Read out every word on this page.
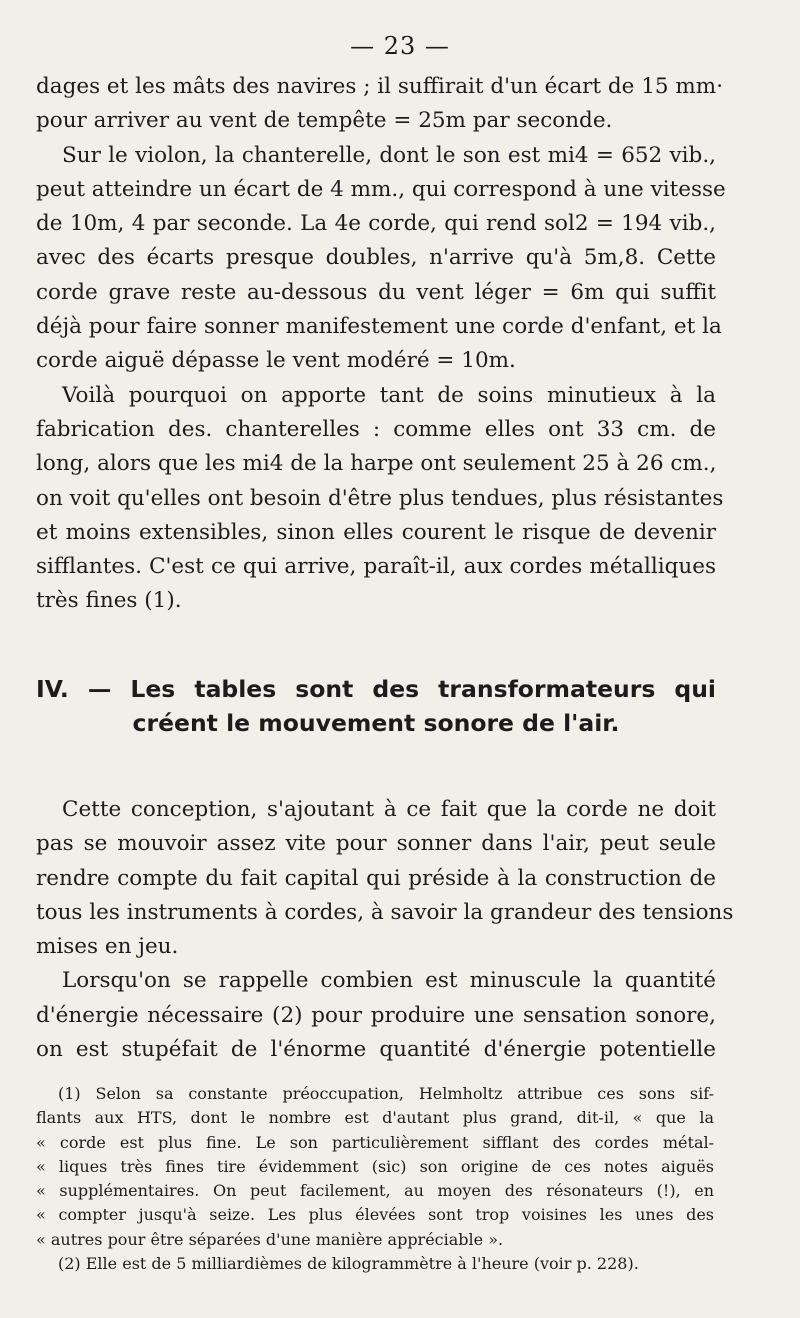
— 23 —
dages et les mâts des navires ; il suffirait d'un écart de 15 mm·
pour arriver au vent de tempête = 25m par seconde.
Sur le violon, la chanterelle, dont le son est mi4 = 652 vib.,
peut atteindre un écart de 4 mm., qui correspond à une vitesse
de 10m, 4 par seconde. La 4e corde, qui rend sol2 = 194 vib.,
avec des écarts presque doubles, n'arrive qu'à 5m,8. Cette
corde grave reste au-dessous du vent léger = 6m qui suffit
déjà pour faire sonner manifestement une corde d'enfant, et la
corde aiguë dépasse le vent modéré = 10m.
Voilà pourquoi on apporte tant de soins minutieux à la
fabrication des. chanterelles : comme elles ont 33 cm. de
long, alors que les mi4 de la harpe ont seulement 25 à 26 cm.,
on voit qu'elles ont besoin d'être plus tendues, plus résistantes
et moins extensibles, sinon elles courent le risque de devenir
sifflantes. C'est ce qui arrive, paraît-il, aux cordes métalliques
très fines (1).
IV. — Les tables sont des transformateurs qui
créent le mouvement sonore de l'air.
Cette conception, s'ajoutant à ce fait que la corde ne doit
pas se mouvoir assez vite pour sonner dans l'air, peut seule
rendre compte du fait capital qui préside à la construction de
tous les instruments à cordes, à savoir la grandeur des tensions
mises en jeu.
Lorsqu'on se rappelle combien est minuscule la quantité
d'énergie nécessaire (2) pour produire une sensation sonore,
on est stupéfait de l'énorme quantité d'énergie potentielle
(1) Selon sa constante préoccupation, Helmholtz attribue ces sons sif-
flants aux HTS, dont le nombre est d'autant plus grand, dit-il, « que la
« corde est plus fine. Le son particulièrement sifflant des cordes métal-
« liques très fines tire évidemment (sic) son origine de ces notes aiguës
« supplémentaires. On peut facilement, au moyen des résonateurs (!), en
« compter jusqu'à seize. Les plus élevées sont trop voisines les unes des
« autres pour être séparées d'une manière appréciable ».
(2) Elle est de 5 milliardièmes de kilogrammètre à l'heure (voir p. 228).
